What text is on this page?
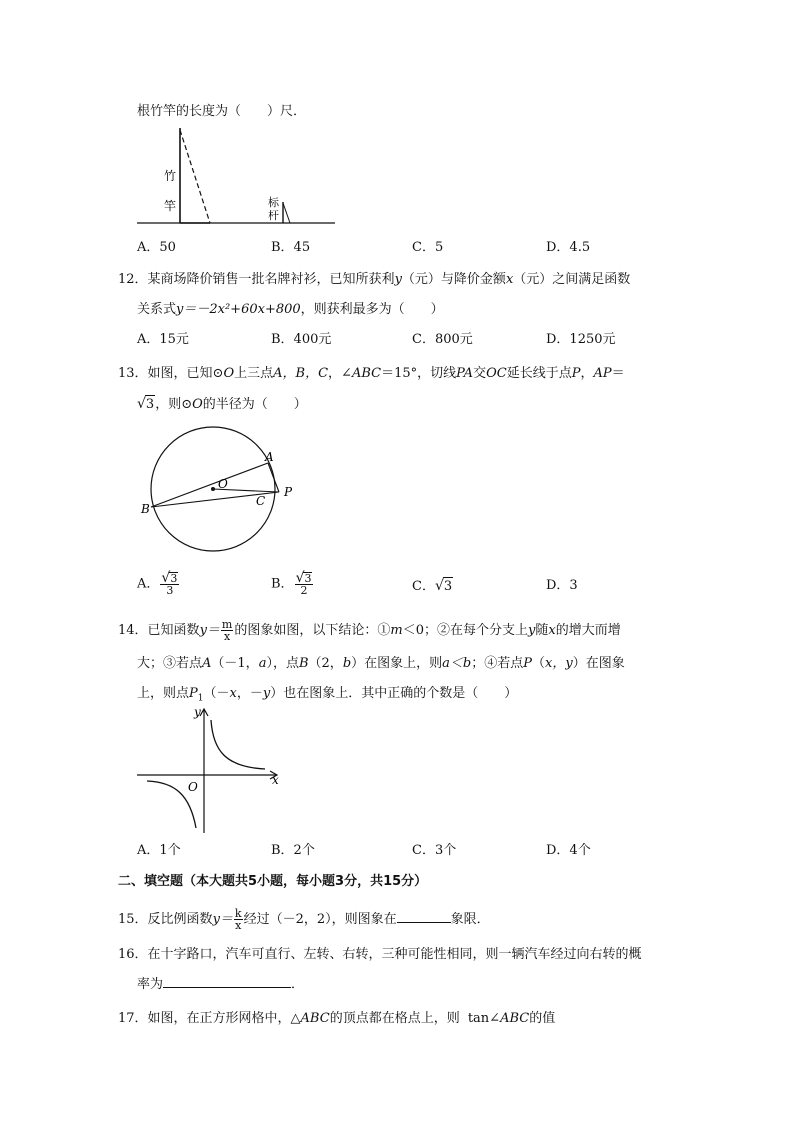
根竹竿的长度为（　　）尺．
竹
竿	标
杆
A．50	B．45	C．5	D．4.5
12．某商场降价销售一批名牌衬衫，已知所获利y（元）与降价金额x（元）之间满足函数
关系式y＝－2x²+60x+800，则获利最多为（　　）
A．15元	B．400元	C．800元	D．1250元
13．如图，已知⊙O上三点A，B，C，∠ABC＝15°，切线PA交OC延长线于点P，AP＝
√3，则⊙O的半径为（　　）
A
B
C
O
P
A． $\frac{√3}{3}$	B． $\frac{√3}{2}$	C．√3	D．3
14．已知函数$y= \frac{m}{x}$ 的图象如图，以下结论：①m＜0；②在每个分支上y随x的增大而增
大；③若点A（－1，a），点B（2，b）在图象上，则a＜b；④若点P（x，y）在图象
上，则点$P_1(-x$，－y）也在图象上．其中正确的个数是（　　）
y
x
O
A．1个	B．2个	C．3个	D．4个
二、填空题（本大题共5小题，每小题3分，共15分）
15．反比例函数$y= \frac{k}{x}$ 经过（－2，2），则图象在	象限．
16．在十字路口，汽车可直行、左转、右转，三种可能性相同，则一辆汽车经过向右转的概
率为	．
17．如图，在正方形网格中，△ABC的顶点都在格点上，则 tan∠ABC的值
